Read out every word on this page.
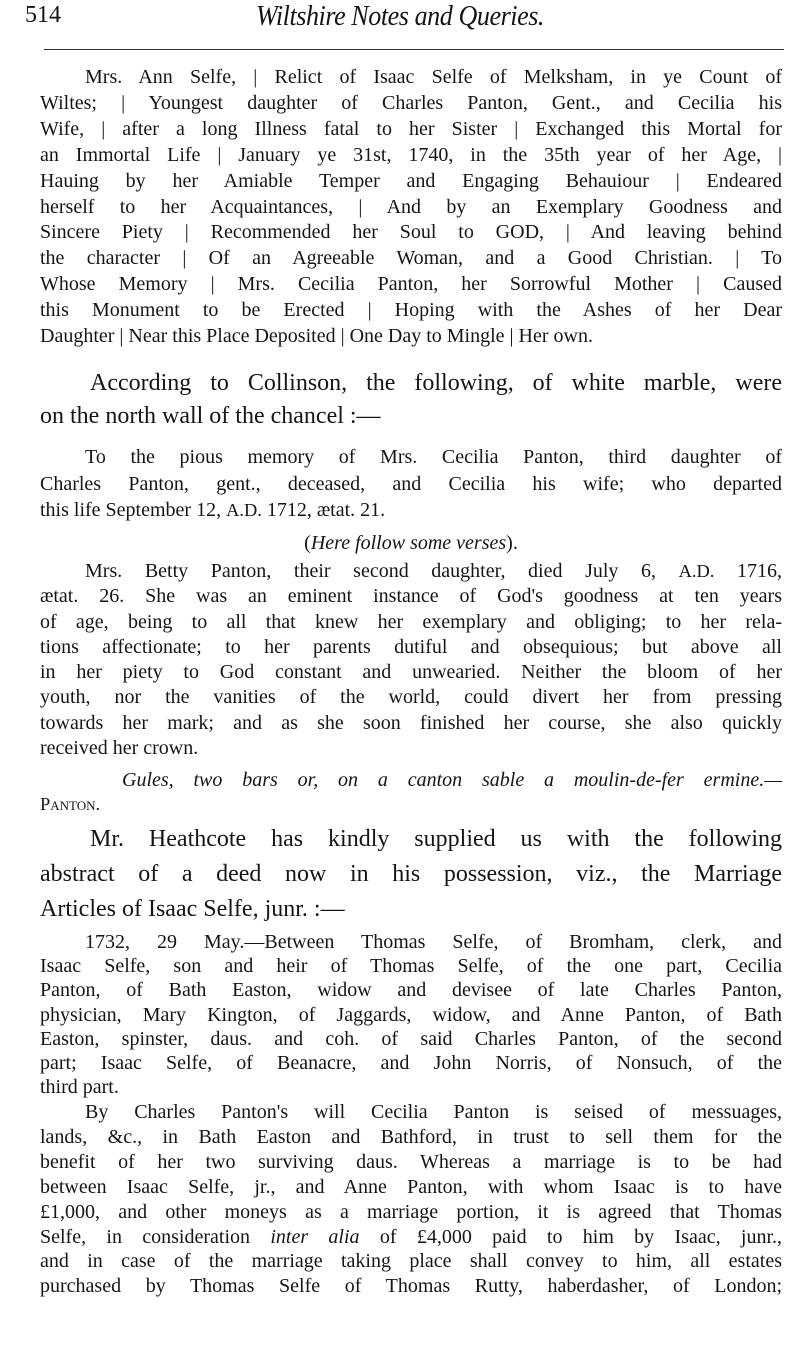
514	Wiltshire Notes and Queries.
Mrs. Ann Selfe, | Relict of Isaac Selfe of Melksham, in ye Count of
Wiltes; | Youngest daughter of Charles Panton, Gent., and Cecilia his
Wife, | after a long Illness fatal to her Sister | Exchanged this Mortal for
an Immortal Life | January ye 31st, 1740, in the 35th year of her Age, |
Hauing by her Amiable Temper and Engaging Behauiour | Endeared
herself to her Acquaintances, | And by an Exemplary Goodness and
Sincere Piety | Recommended her Soul to GOD, | And leaving behind
the character | Of an Agreeable Woman, and a Good Christian. | To
Whose Memory | Mrs. Cecilia Panton, her Sorrowful Mother | Caused
this Monument to be Erected | Hoping with the Ashes of her Dear
Daughter | Near this Place Deposited | One Day to Mingle | Her own.
According to Collinson, the following, of white marble, were
on the north wall of the chancel :—
To the pious memory of Mrs. Cecilia Panton, third daughter of
Charles Panton, gent., deceased, and Cecilia his wife; who departed
this life September 12, A.D. 1712, ætat. 21.
(Here follow some verses).
Mrs. Betty Panton, their second daughter, died July 6, A.D. 1716,
ætat. 26. She was an eminent instance of God's goodness at ten years
of age, being to all that knew her exemplary and obliging; to her rela-
tions affectionate; to her parents dutiful and obsequious; but above all
in her piety to God constant and unwearied. Neither the bloom of her
youth, nor the vanities of the world, could divert her from pressing
towards her mark; and as she soon finished her course, she also quickly
received her crown.
Gules, two bars or, on a canton sable a moulin-de-fer ermine.—
Panton.
Mr. Heathcote has kindly supplied us with the following
abstract of a deed now in his possession, viz., the Marriage
Articles of Isaac Selfe, junr. :—
1732, 29 May.—Between Thomas Selfe, of Bromham, clerk, and
Isaac Selfe, son and heir of Thomas Selfe, of the one part, Cecilia
Panton, of Bath Easton, widow and devisee of late Charles Panton,
physician, Mary Kington, of Jaggards, widow, and Anne Panton, of Bath
Easton, spinster, daus. and coh. of said Charles Panton, of the second
part; Isaac Selfe, of Beanacre, and John Norris, of Nonsuch, of the
third part.
By Charles Panton's will Cecilia Panton is seised of messuages,
lands, &c., in Bath Easton and Bathford, in trust to sell them for the
benefit of her two surviving daus. Whereas a marriage is to be had
between Isaac Selfe, jr., and Anne Panton, with whom Isaac is to have
£1,000, and other moneys as a marriage portion, it is agreed that Thomas
Selfe, in consideration inter alia of £4,000 paid to him by Isaac, junr.,
and in case of the marriage taking place shall convey to him, all estates
purchased by Thomas Selfe of Thomas Rutty, haberdasher, of London;
